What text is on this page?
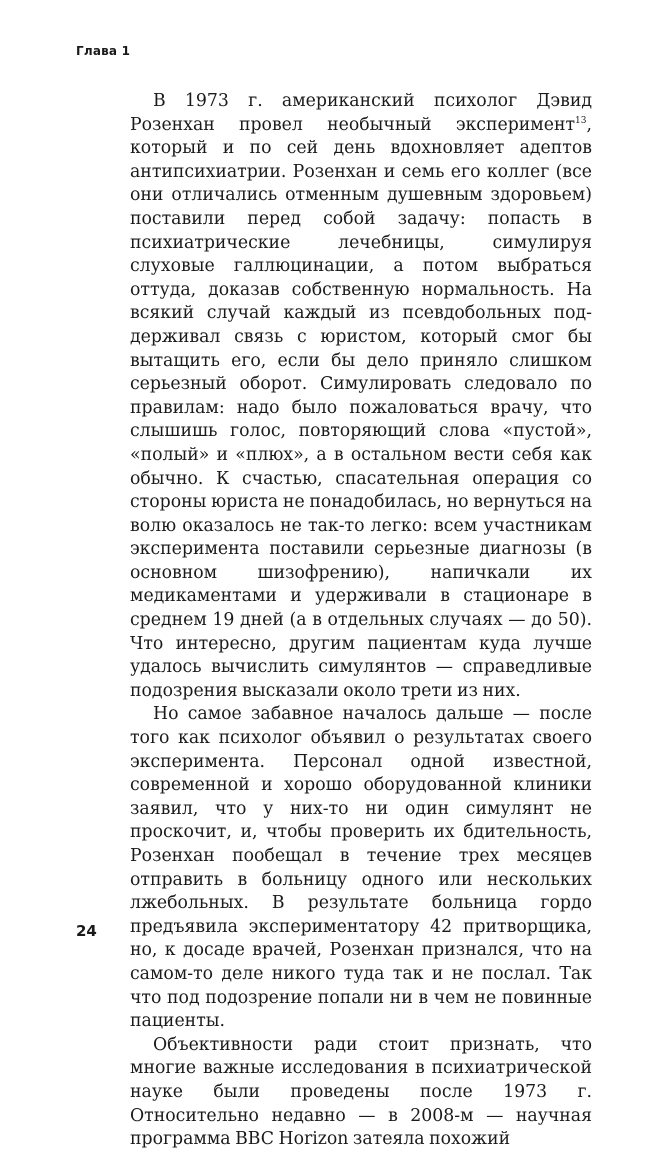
Глава 1

В 1973 г. американский психолог Дэвид Розенхан провел необычный эксперимент$^{13}$, который и по сей день вдохновляет адептов антипсихиатрии. Розенхан и семь его коллег (все они отличались отменным душевным здоровьем) поставили перед собой задачу: попасть в психиатрические лечебницы, симулируя слуховые галлюцинации, а потом выбраться оттуда, доказав собственную нормальность. На всякий случай каждый из псевдобольных поддерживал связь с юристом, который смог бы вытащить его, если бы дело приняло слишком серьезный оборот. Симулировать следовало по правилам: надо было пожаловаться врачу, что слышишь голос, повторяющий слова «пустой», «полый» и «плюх», а в остальном вести себя как обычно. К счастью, спасательная операция со стороны юриста не понадобилась, но вернуться на волю оказалось не так-то легко: всем участникам эксперимента поставили серьезные диагнозы (в основном шизофрению), напичкали их медикаментами и удерживали в стационаре в среднем 19 дней (а в отдельных случаях — до 50). Что интересно, другим пациентам куда лучше удалось вычислить симулянтов — справедливые подозрения высказали около трети из них.

Но самое забавное началось дальше — после того как психолог объявил о результатах своего эксперимента. Персонал одной известной, современной и хорошо оборудованной клиники заявил, что у них-то ни один симулянт не проскочит, и, чтобы проверить их бдительность, Розенхан пообещал в течение трех месяцев отправить в больницу одного или нескольких лжебольных. В результате больница гордо предъявила экспериментатору 42 притворщика, но, к досаде врачей, Розенхан признался, что на самом-то деле никого туда так и не послал. Так что под подозрение попали ни в чем не повинные пациенты.

Объективности ради стоит признать, что многие важные исследования в психиатрической науке были проведены после 1973 г. Относительно недавно — в 2008-м — научная программа BBC Horizon затеяла похожий

24
